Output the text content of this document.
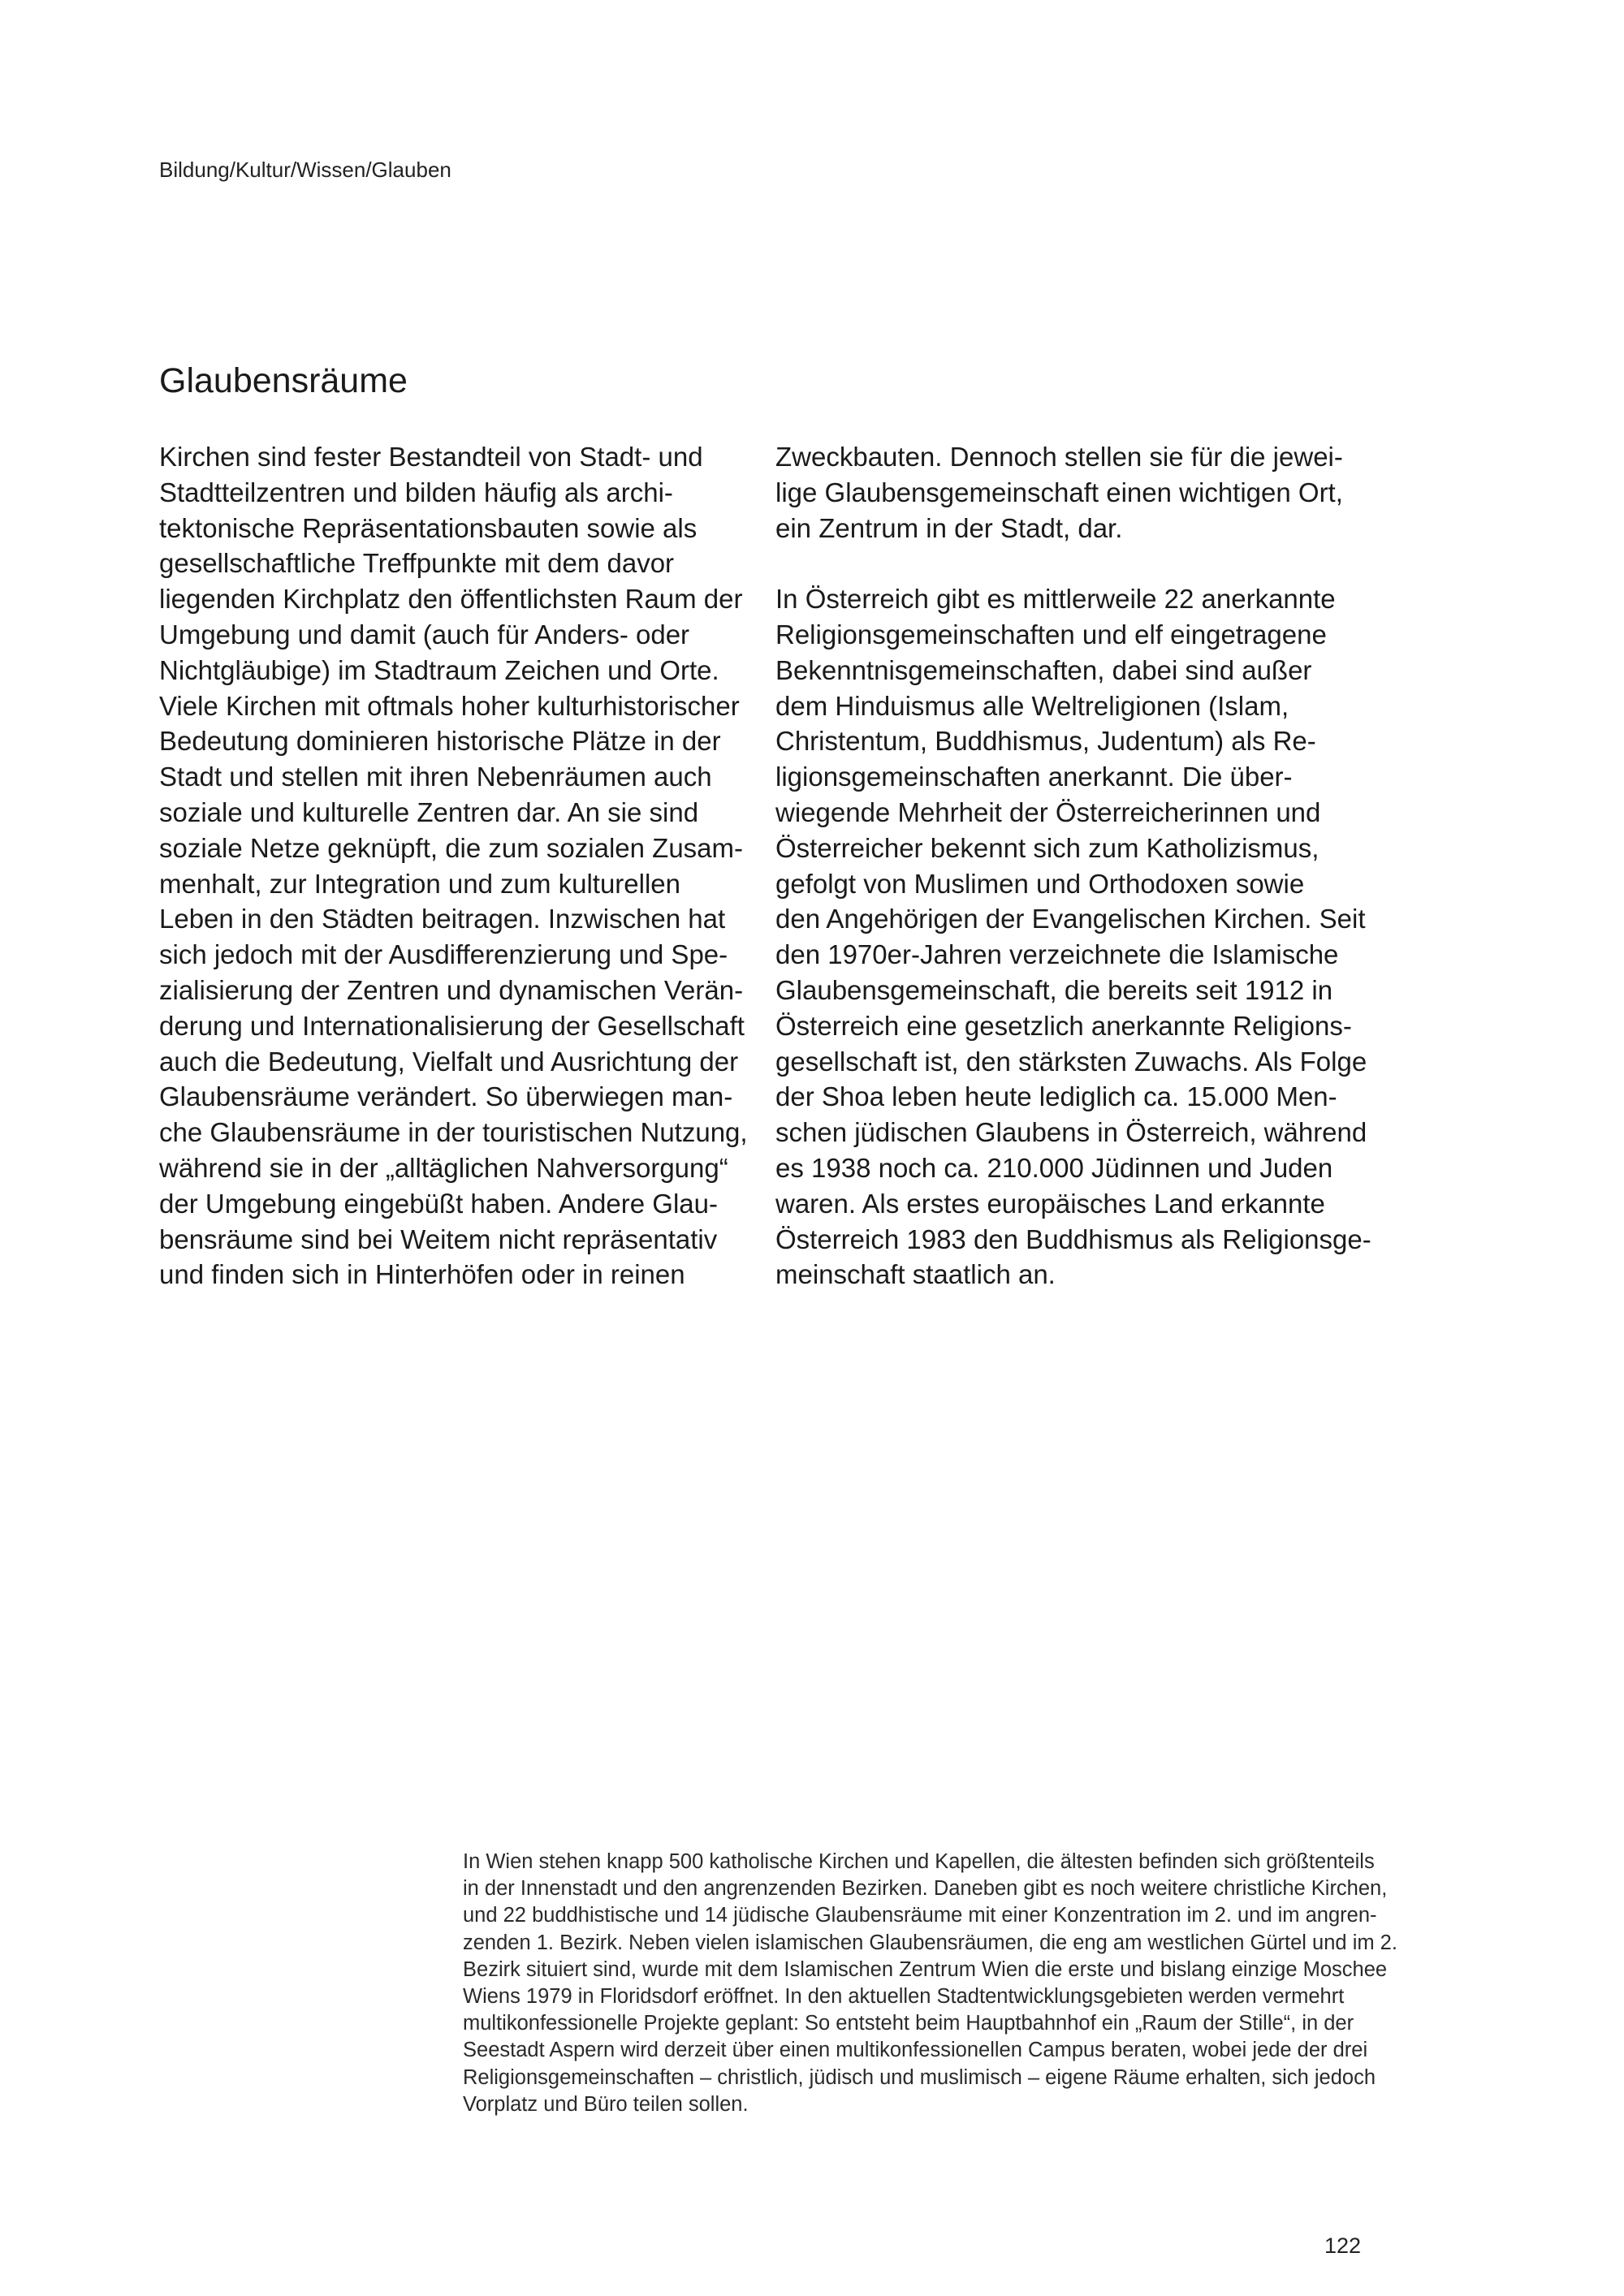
Bildung/Kultur/Wissen/Glauben

Glaubensräume

Kirchen sind fester Bestandteil von Stadt- und
Stadtteilzentren und bilden häufig als archi-
tektonische Repräsentationsbauten sowie als
gesellschaftliche Treffpunkte mit dem davor
liegenden Kirchplatz den öffentlichsten Raum der
Umgebung und damit (auch für Anders- oder
Nichtgläubige) im Stadtraum Zeichen und Orte.
Viele Kirchen mit oftmals hoher kulturhistorischer
Bedeutung dominieren historische Plätze in der
Stadt und stellen mit ihren Nebenräumen auch
soziale und kulturelle Zentren dar. An sie sind
soziale Netze geknüpft, die zum sozialen Zusam-
menhalt, zur Integration und zum kulturellen
Leben in den Städten beitragen. Inzwischen hat
sich jedoch mit der Ausdifferenzierung und Spe-
zialisierung der Zentren und dynamischen Verän-
derung und Internationalisierung der Gesellschaft
auch die Bedeutung, Vielfalt und Ausrichtung der
Glaubensräume verändert. So überwiegen man-
che Glaubensräume in der touristischen Nutzung,
während sie in der „alltäglichen Nahversorgung“
der Umgebung eingebüßt haben. Andere Glau-
bensräume sind bei Weitem nicht repräsentativ
und finden sich in Hinterhöfen oder in reinen

Zweckbauten. Dennoch stellen sie für die jewei-
lige Glaubensgemeinschaft einen wichtigen Ort,
ein Zentrum in der Stadt, dar.

In Österreich gibt es mittlerweile 22 anerkannte
Religionsgemeinschaften und elf eingetragene
Bekenntnisgemeinschaften, dabei sind außer
dem Hinduismus alle Weltreligionen (Islam,
Christentum, Buddhismus, Judentum) als Re-
ligionsgemeinschaften anerkannt. Die über-
wiegende Mehrheit der Österreicherinnen und
Österreicher bekennt sich zum Katholizismus,
gefolgt von Muslimen und Orthodoxen sowie
den Angehörigen der Evangelischen Kirchen. Seit
den 1970er-Jahren verzeichnete die Islamische
Glaubensgemeinschaft, die bereits seit 1912 in
Österreich eine gesetzlich anerkannte Religions-
gesellschaft ist, den stärksten Zuwachs. Als Folge
der Shoa leben heute lediglich ca. 15.000 Men-
schen jüdischen Glaubens in Österreich, während
es 1938 noch ca. 210.000 Jüdinnen und Juden
waren. Als erstes europäisches Land erkannte
Österreich 1983 den Buddhismus als Religionsge-
meinschaft staatlich an.

In Wien stehen knapp 500 katholische Kirchen und Kapellen, die ältesten befinden sich größtenteils
in der Innenstadt und den angrenzenden Bezirken. Daneben gibt es noch weitere christliche Kirchen,
und 22 buddhistische und 14 jüdische Glaubensräume mit einer Konzentration im 2. und im angren-
zenden 1. Bezirk. Neben vielen islamischen Glaubensräumen, die eng am westlichen Gürtel und im 2.
Bezirk situiert sind, wurde mit dem Islamischen Zentrum Wien die erste und bislang einzige Moschee
Wiens 1979 in Floridsdorf eröffnet. In den aktuellen Stadtentwicklungsgebieten werden vermehrt
multikonfessionelle Projekte geplant: So entsteht beim Hauptbahnhof ein „Raum der Stille“, in der
Seestadt Aspern wird derzeit über einen multikonfessionellen Campus beraten, wobei jede der drei
Religionsgemeinschaften – christlich, jüdisch und muslimisch – eigene Räume erhalten, sich jedoch
Vorplatz und Büro teilen sollen.

122
